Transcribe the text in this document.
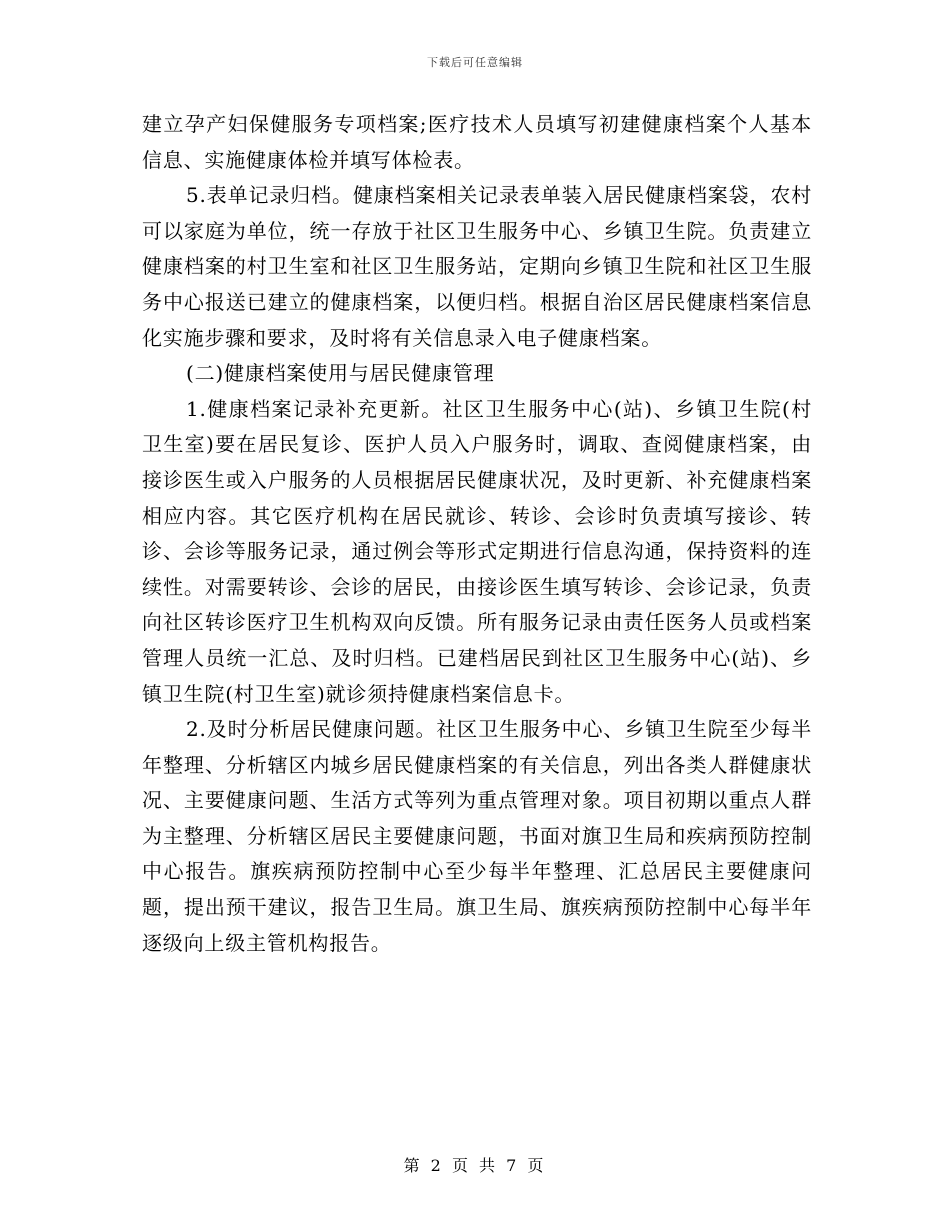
下载后可任意编辑

建立孕产妇保健服务专项档案;医疗技术人员填写初建健康档案个人基本信息、实施健康体检并填写体检表。

5.表单记录归档。健康档案相关记录表单装入居民健康档案袋，农村可以家庭为单位，统一存放于社区卫生服务中心、乡镇卫生院。负责建立健康档案的村卫生室和社区卫生服务站，定期向乡镇卫生院和社区卫生服务中心报送已建立的健康档案，以便归档。根据自治区居民健康档案信息化实施步骤和要求，及时将有关信息录入电子健康档案。

(二)健康档案使用与居民健康管理

1.健康档案记录补充更新。社区卫生服务中心(站)、乡镇卫生院(村卫生室)要在居民复诊、医护人员入户服务时，调取、查阅健康档案，由接诊医生或入户服务的人员根据居民健康状况，及时更新、补充健康档案相应内容。其它医疗机构在居民就诊、转诊、会诊时负责填写接诊、转诊、会诊等服务记录，通过例会等形式定期进行信息沟通，保持资料的连续性。对需要转诊、会诊的居民，由接诊医生填写转诊、会诊记录，负责向社区转诊医疗卫生机构双向反馈。所有服务记录由责任医务人员或档案管理人员统一汇总、及时归档。已建档居民到社区卫生服务中心(站)、乡镇卫生院(村卫生室)就诊须持健康档案信息卡。

2.及时分析居民健康问题。社区卫生服务中心、乡镇卫生院至少每半年整理、分析辖区内城乡居民健康档案的有关信息，列出各类人群健康状况、主要健康问题、生活方式等列为重点管理对象。项目初期以重点人群为主整理、分析辖区居民主要健康问题，书面对旗卫生局和疾病预防控制中心报告。旗疾病预防控制中心至少每半年整理、汇总居民主要健康问题，提出预干建议，报告卫生局。旗卫生局、旗疾病预防控制中心每半年逐级向上级主管机构报告。

第 2 页 共 7 页
